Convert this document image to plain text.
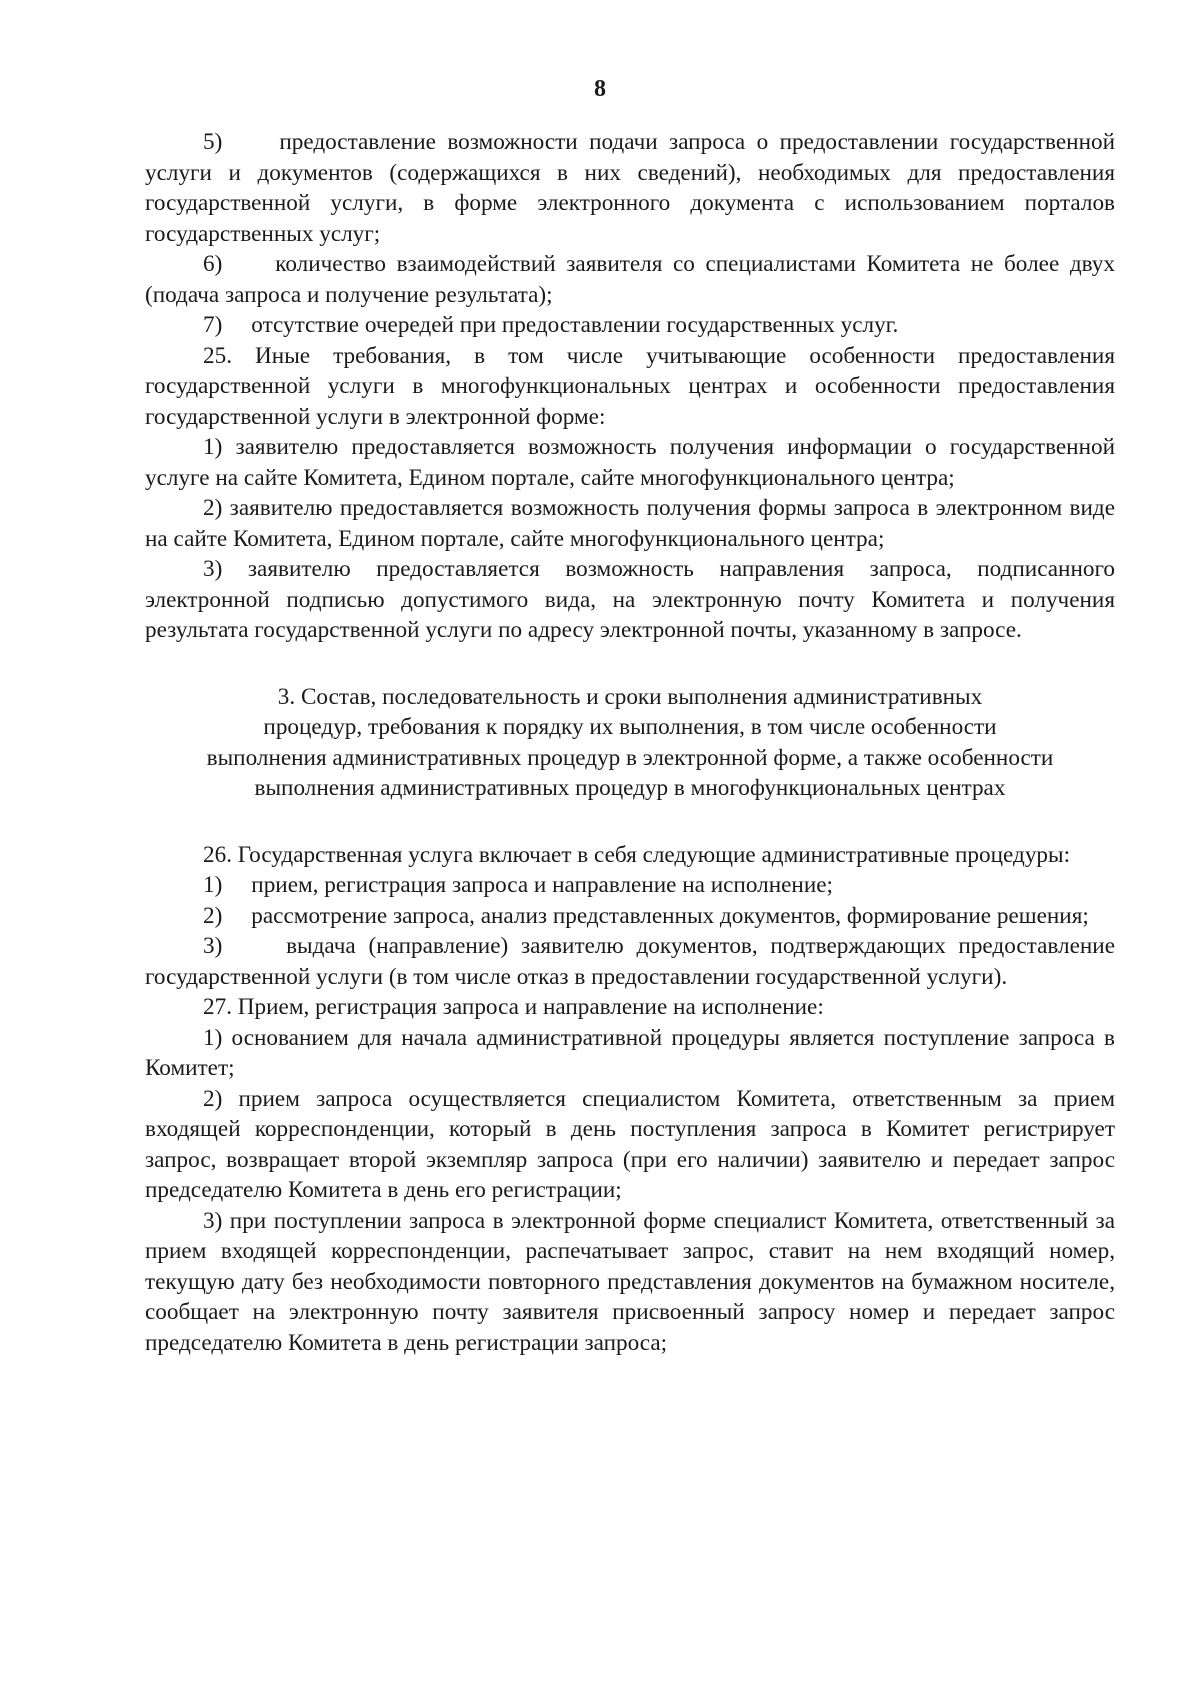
8

5)     предоставление возможности подачи запроса о предоставлении государственной услуги и документов (содержащихся в них сведений), необходимых для предоставления государственной услуги, в форме электронного документа с использованием порталов государственных услуг;

6)     количество взаимодействий заявителя со специалистами Комитета не более двух (подача запроса и получение результата);

7)     отсутствие очередей при предоставлении государственных услуг.

25. Иные требования, в том числе учитывающие особенности предоставления государственной услуги в многофункциональных центрах и особенности предоставления государственной услуги в электронной форме:

1) заявителю предоставляется возможность получения информации о государственной услуге на сайте Комитета, Едином портале, сайте многофункционального центра;

2) заявителю предоставляется возможность получения формы запроса в электронном виде на сайте Комитета, Едином портале, сайте многофункционального центра;

3) заявителю предоставляется возможность направления запроса, подписанного электронной подписью допустимого вида, на электронную почту Комитета и получения результата государственной услуги по адресу электронной почты, указанному в запросе.

3. Состав, последовательность и сроки выполнения административных
процедур, требования к порядку их выполнения, в том числе особенности
выполнения административных процедур в электронной форме, а также особенности
выполнения административных процедур в многофункциональных центрах

26. Государственная услуга включает в себя следующие административные процедуры:

1)     прием, регистрация запроса и направление на исполнение;

2)     рассмотрение запроса, анализ представленных документов, формирование решения;

3)     выдача (направление) заявителю документов, подтверждающих предоставление государственной услуги (в том числе отказ в предоставлении государственной услуги).

27. Прием, регистрация запроса и направление на исполнение:

1) основанием для начала административной процедуры является поступление запроса в Комитет;

2) прием запроса осуществляется специалистом Комитета, ответственным за прием входящей корреспонденции, который в день поступления запроса в Комитет регистрирует запрос, возвращает второй экземпляр запроса (при его наличии) заявителю и передает запрос председателю Комитета в день его регистрации;

3) при поступлении запроса в электронной форме специалист Комитета, ответственный за прием входящей корреспонденции, распечатывает запрос, ставит на нем входящий номер, текущую дату без необходимости повторного представления документов на бумажном носителе, сообщает на электронную почту заявителя присвоенный запросу номер и передает запрос председателю Комитета в день регистрации запроса;
